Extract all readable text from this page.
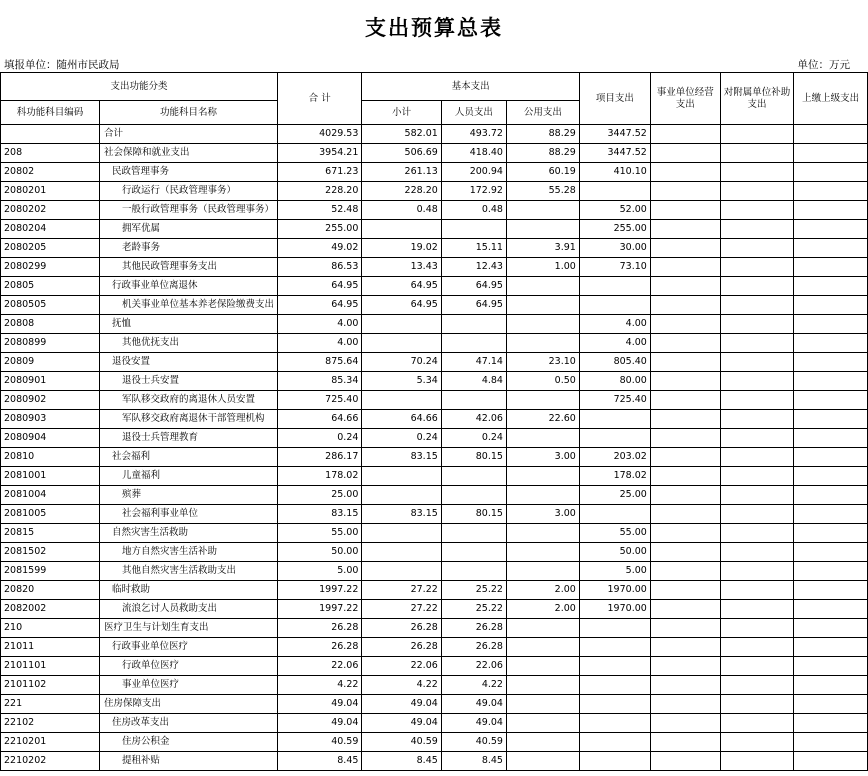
支出预算总表
填报单位：随州市民政局	单位：万元
支出功能分类		合 计	基本支出			项目支出	事业单位经营支出	对附属单位补助支出	上缴上级支出
科功能科目编码	功能科目名称		小计	人员支出	公用支出				
	合计	4029.53	582.01	493.72	88.29	3447.52			
208	社会保障和就业支出	3954.21	506.69	418.40	88.29	3447.52			
20802	民政管理事务	671.23	261.13	200.94	60.19	410.10			
2080201	行政运行（民政管理事务）	228.20	228.20	172.92	55.28				
2080202	一般行政管理事务（民政管理事务）	52.48	0.48	0.48		52.00			
2080204	拥军优属	255.00				255.00			
2080205	老龄事务	49.02	19.02	15.11	3.91	30.00			
2080299	其他民政管理事务支出	86.53	13.43	12.43	1.00	73.10			
20805	行政事业单位离退休	64.95	64.95	64.95					
2080505	机关事业单位基本养老保险缴费支出	64.95	64.95	64.95					
20808	抚恤	4.00				4.00			
2080899	其他优抚支出	4.00				4.00			
20809	退役安置	875.64	70.24	47.14	23.10	805.40			
2080901	退役士兵安置	85.34	5.34	4.84	0.50	80.00			
2080902	军队移交政府的离退休人员安置	725.40				725.40			
2080903	军队移交政府离退休干部管理机构	64.66	64.66	42.06	22.60				
2080904	退役士兵管理教育	0.24	0.24	0.24					
20810	社会福利	286.17	83.15	80.15	3.00	203.02			
2081001	儿童福利	178.02				178.02			
2081004	殡葬	25.00				25.00			
2081005	社会福利事业单位	83.15	83.15	80.15	3.00				
20815	自然灾害生活救助	55.00				55.00			
2081502	地方自然灾害生活补助	50.00				50.00			
2081599	其他自然灾害生活救助支出	5.00				5.00			
20820	临时救助	1997.22	27.22	25.22	2.00	1970.00			
2082002	流浪乞讨人员救助支出	1997.22	27.22	25.22	2.00	1970.00			
210	医疗卫生与计划生育支出	26.28	26.28	26.28					
21011	行政事业单位医疗	26.28	26.28	26.28					
2101101	行政单位医疗	22.06	22.06	22.06					
2101102	事业单位医疗	4.22	4.22	4.22					
221	住房保障支出	49.04	49.04	49.04					
22102	住房改革支出	49.04	49.04	49.04					
2210201	住房公积金	40.59	40.59	40.59					
2210202	提租补贴	8.45	8.45	8.45					
